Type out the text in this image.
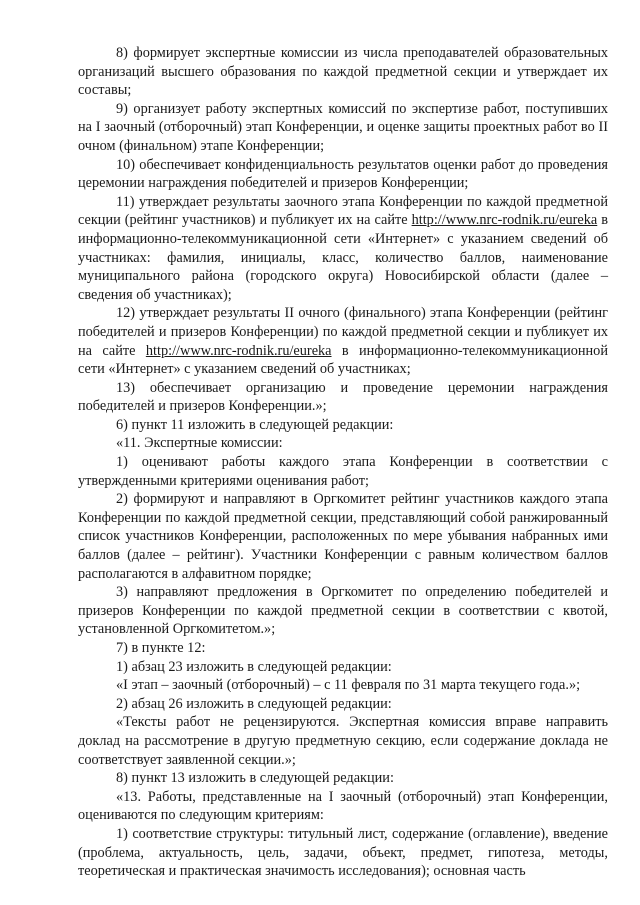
8) формирует экспертные комиссии из числа преподавателей образовательных организаций высшего образования по каждой предметной секции и утверждает их составы;

9) организует работу экспертных комиссий по экспертизе работ, поступивших на I заочный (отборочный) этап Конференции, и оценке защиты проектных работ во II очном (финальном) этапе Конференции;

10) обеспечивает конфиденциальность результатов оценки работ до проведения церемонии награждения победителей и призеров Конференции;

11) утверждает результаты заочного этапа Конференции по каждой предметной секции (рейтинг участников) и публикует их на сайте http://www.nrc-rodnik.ru/eureka в информационно-телекоммуникационной сети «Интернет» с указанием сведений об участниках: фамилия, инициалы, класс, количество баллов, наименование муниципального района (городского округа) Новосибирской области (далее – сведения об участниках);

12) утверждает результаты II очного (финального) этапа Конференции (рейтинг победителей и призеров Конференции) по каждой предметной секции и публикует их на сайте http://www.nrc-rodnik.ru/eureka в информационно-телекоммуникационной сети «Интернет» с указанием сведений об участниках;

13) обеспечивает организацию и проведение церемонии награждения победителей и призеров Конференции.»;

6) пункт 11 изложить в следующей редакции:

«11. Экспертные комиссии:

1) оценивают работы каждого этапа Конференции в соответствии с утвержденными критериями оценивания работ;

2) формируют и направляют в Оргкомитет рейтинг участников каждого этапа Конференции по каждой предметной секции, представляющий собой ранжированный список участников Конференции, расположенных по мере убывания набранных ими баллов (далее – рейтинг). Участники Конференции с равным количеством баллов располагаются в алфавитном порядке;

3) направляют предложения в Оргкомитет по определению победителей и призеров Конференции по каждой предметной секции в соответствии с квотой, установленной Оргкомитетом.»;

7) в пункте 12:

1) абзац 23 изложить в следующей редакции:

«I этап – заочный (отборочный) – с 11 февраля по 31 марта текущего года.»;

2) абзац 26 изложить в следующей редакции:

«Тексты работ не рецензируются. Экспертная комиссия вправе направить доклад на рассмотрение в другую предметную секцию, если содержание доклада не соответствует заявленной секции.»;

8) пункт 13 изложить в следующей редакции:

«13. Работы, представленные на I заочный (отборочный) этап Конференции, оцениваются по следующим критериям:

1) соответствие структуры: титульный лист, содержание (оглавление), введение (проблема, актуальность, цель, задачи, объект, предмет, гипотеза, методы, теоретическая и практическая значимость исследования); основная часть
